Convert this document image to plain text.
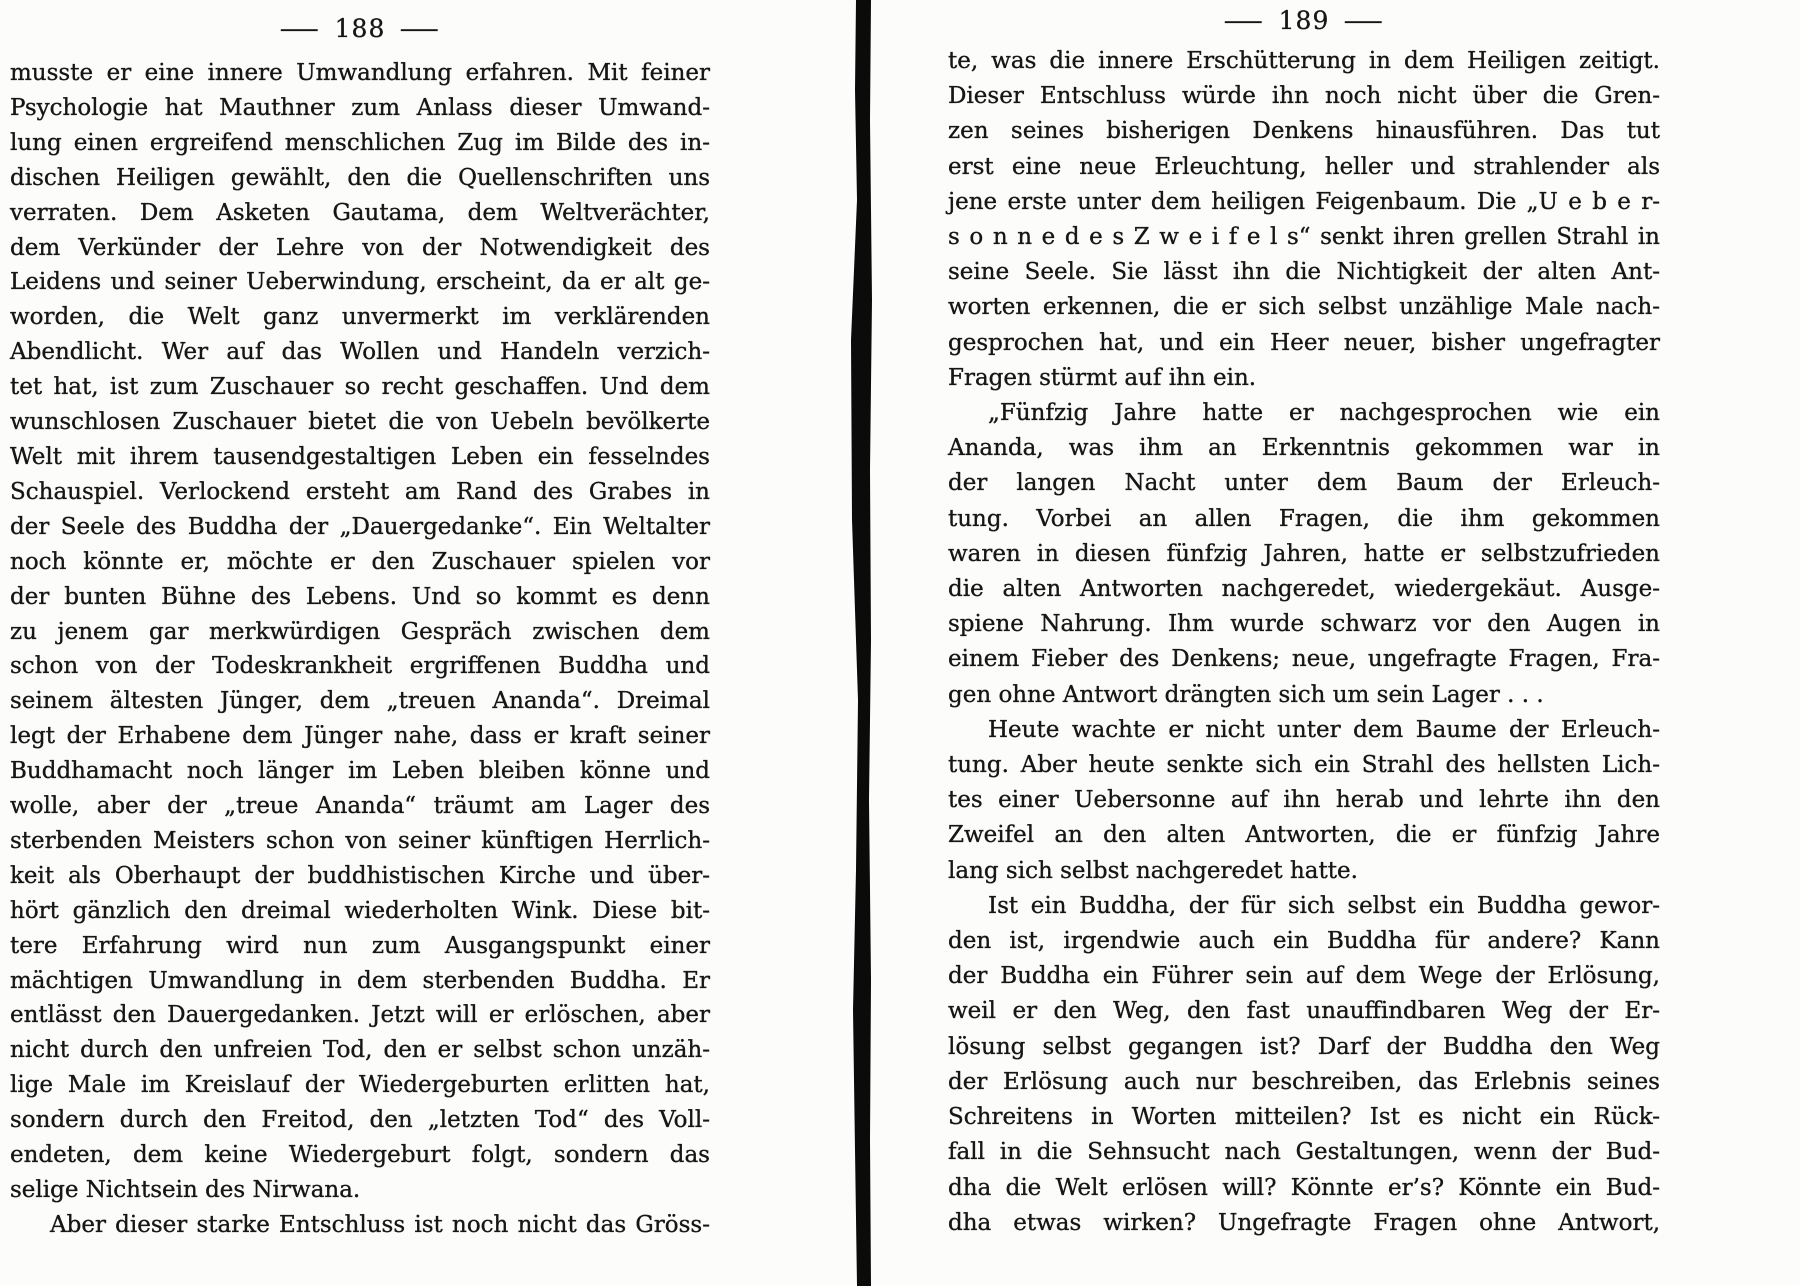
— 188 —
musste er eine innere Umwandlung erfahren. Mit feiner
Psychologie hat Mauthner zum Anlass dieser Umwand-
lung einen ergreifend menschlichen Zug im Bilde des in-
dischen Heiligen gewählt, den die Quellenschriften uns
verraten. Dem Asketen Gautama, dem Weltverächter,
dem Verkünder der Lehre von der Notwendigkeit des
Leidens und seiner Ueberwindung, erscheint, da er alt ge-
worden, die Welt ganz unvermerkt im verklärenden
Abendlicht. Wer auf das Wollen und Handeln verzich-
tet hat, ist zum Zuschauer so recht geschaffen. Und dem
wunschlosen Zuschauer bietet die von Uebeln bevölkerte
Welt mit ihrem tausendgestaltigen Leben ein fesselndes
Schauspiel. Verlockend ersteht am Rand des Grabes in
der Seele des Buddha der „Dauergedanke“. Ein Weltalter
noch könnte er, möchte er den Zuschauer spielen vor
der bunten Bühne des Lebens. Und so kommt es denn
zu jenem gar merkwürdigen Gespräch zwischen dem
schon von der Todeskrankheit ergriffenen Buddha und
seinem ältesten Jünger, dem „treuen Ananda“. Dreimal
legt der Erhabene dem Jünger nahe, dass er kraft seiner
Buddhamacht noch länger im Leben bleiben könne und
wolle, aber der „treue Ananda“ träumt am Lager des
sterbenden Meisters schon von seiner künftigen Herrlich-
keit als Oberhaupt der buddhistischen Kirche und über-
hört gänzlich den dreimal wiederholten Wink. Diese bit-
tere Erfahrung wird nun zum Ausgangspunkt einer
mächtigen Umwandlung in dem sterbenden Buddha. Er
entlässt den Dauergedanken. Jetzt will er erlöschen, aber
nicht durch den unfreien Tod, den er selbst schon unzäh-
lige Male im Kreislauf der Wiedergeburten erlitten hat,
sondern durch den Freitod, den „letzten Tod“ des Voll-
endeten, dem keine Wiedergeburt folgt, sondern das
selige Nichtsein des Nirwana.
Aber dieser starke Entschluss ist noch nicht das Gröss-
— 189 —
te, was die innere Erschütterung in dem Heiligen zeitigt.
Dieser Entschluss würde ihn noch nicht über die Gren-
zen seines bisherigen Denkens hinausführen. Das tut
erst eine neue Erleuchtung, heller und strahlender als
jene erste unter dem heiligen Feigenbaum. Die „U e b e r-
s o n n e d e s Z w e i f e l s“ senkt ihren grellen Strahl in
seine Seele. Sie lässt ihn die Nichtigkeit der alten Ant-
worten erkennen, die er sich selbst unzählige Male nach-
gesprochen hat, und ein Heer neuer, bisher ungefragter
Fragen stürmt auf ihn ein.
„Fünfzig Jahre hatte er nachgesprochen wie ein
Ananda, was ihm an Erkenntnis gekommen war in
der langen Nacht unter dem Baum der Erleuch-
tung. Vorbei an allen Fragen, die ihm gekommen
waren in diesen fünfzig Jahren, hatte er selbstzufrieden
die alten Antworten nachgeredet, wiedergekäut. Ausge-
spiene Nahrung. Ihm wurde schwarz vor den Augen in
einem Fieber des Denkens; neue, ungefragte Fragen, Fra-
gen ohne Antwort drängten sich um sein Lager . . .
Heute wachte er nicht unter dem Baume der Erleuch-
tung. Aber heute senkte sich ein Strahl des hellsten Lich-
tes einer Uebersonne auf ihn herab und lehrte ihn den
Zweifel an den alten Antworten, die er fünfzig Jahre
lang sich selbst nachgeredet hatte.
Ist ein Buddha, der für sich selbst ein Buddha gewor-
den ist, irgendwie auch ein Buddha für andere? Kann
der Buddha ein Führer sein auf dem Wege der Erlösung,
weil er den Weg, den fast unauffindbaren Weg der Er-
lösung selbst gegangen ist? Darf der Buddha den Weg
der Erlösung auch nur beschreiben, das Erlebnis seines
Schreitens in Worten mitteilen? Ist es nicht ein Rück-
fall in die Sehnsucht nach Gestaltungen, wenn der Bud-
dha die Welt erlösen will? Könnte er’s? Könnte ein Bud-
dha etwas wirken? Ungefragte Fragen ohne Antwort,
